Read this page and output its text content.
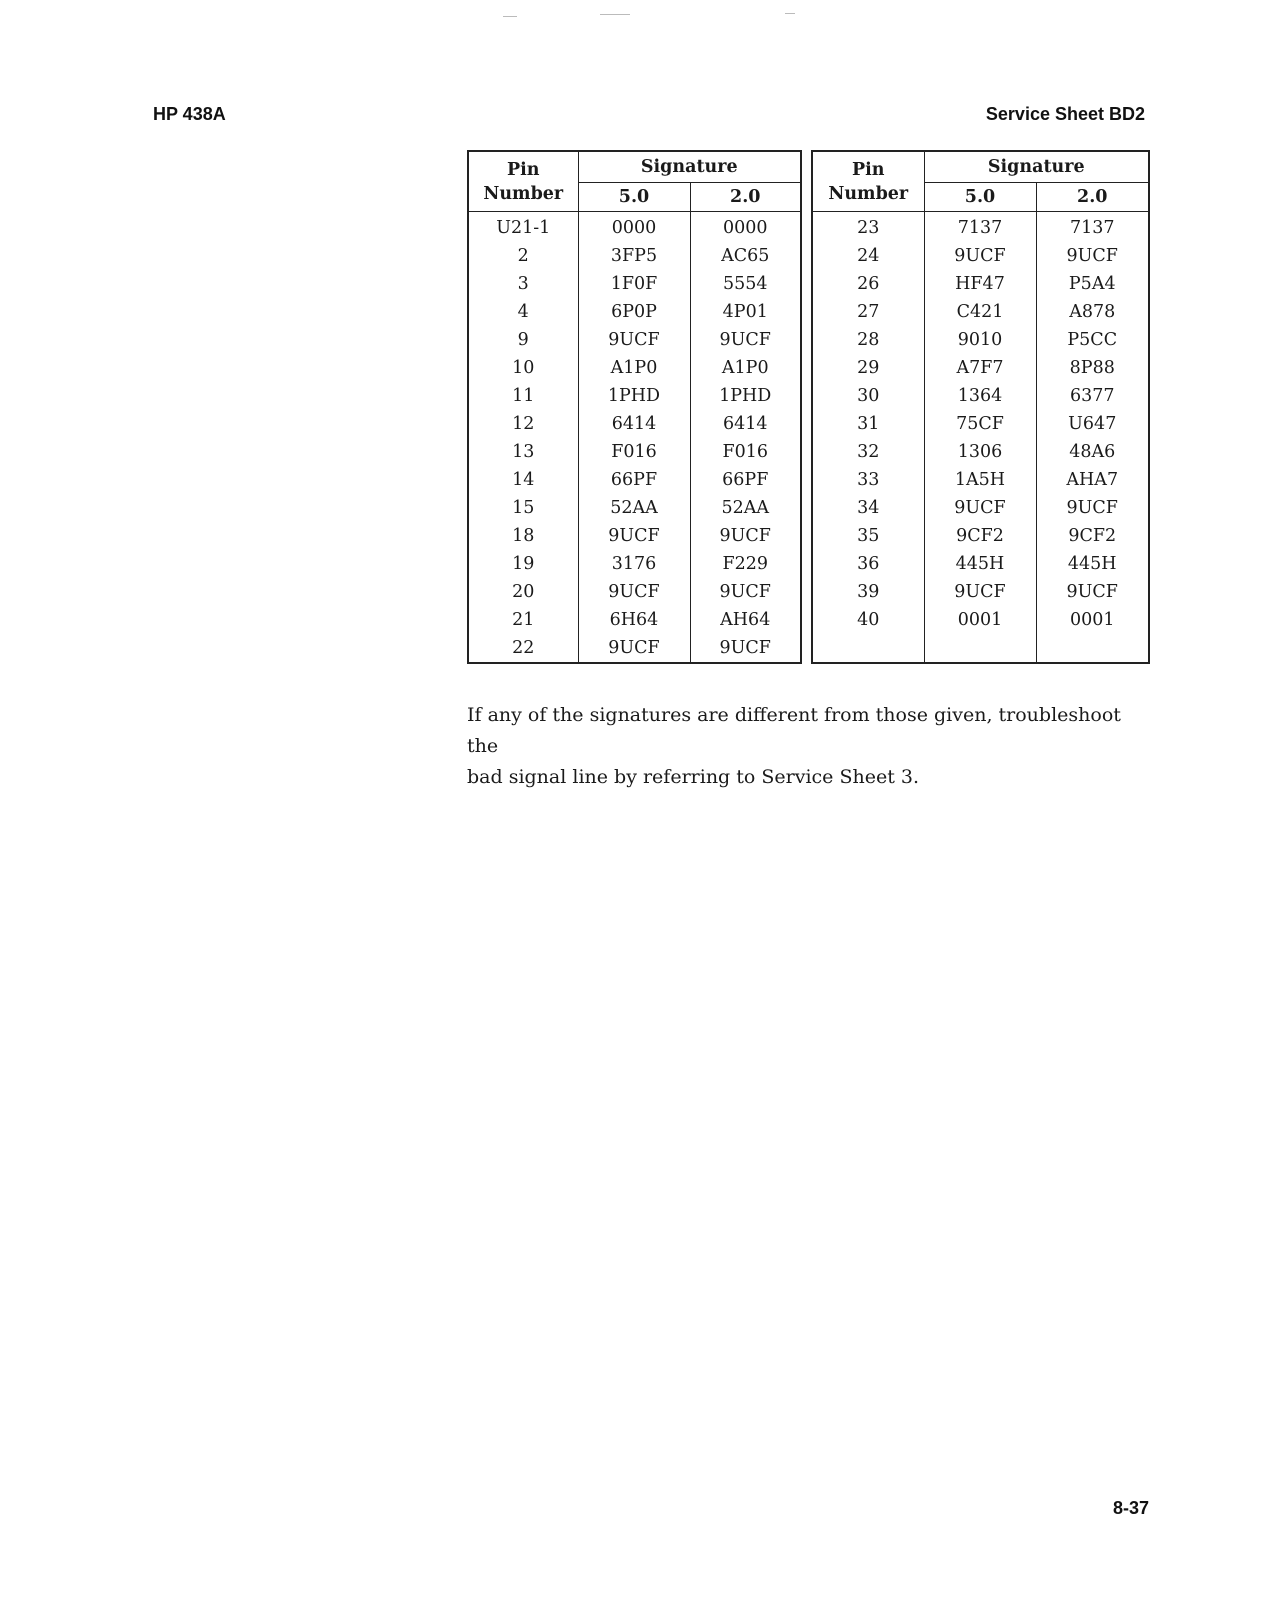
HP 438A	Service Sheet BD2
Pin
Number	Signature	
	5.0	2.0
U21-1	0000	0000
2	3FP5	AC65
3	1F0F	5554
4	6P0P	4P01
9	9UCF	9UCF
10	A1P0	A1P0
11	1PHD	1PHD
12	6414	6414
13	F016	F016
14	66PF	66PF
15	52AA	52AA
18	9UCF	9UCF
19	3176	F229
20	9UCF	9UCF
21	6H64	AH64
22	9UCF	9UCF
Pin
Number	Signature	
	5.0	2.0
23	7137	7137
24	9UCF	9UCF
26	HF47	P5A4
27	C421	A878
28	9010	P5CC
29	A7F7	8P88
30	1364	6377
31	75CF	U647
32	1306	48A6
33	1A5H	AHA7
34	9UCF	9UCF
35	9CF2	9CF2
36	445H	445H
39	9UCF	9UCF
40	0001	0001

If any of the signatures are different from those given, troubleshoot the
bad signal line by referring to Service Sheet 3.
8-37
